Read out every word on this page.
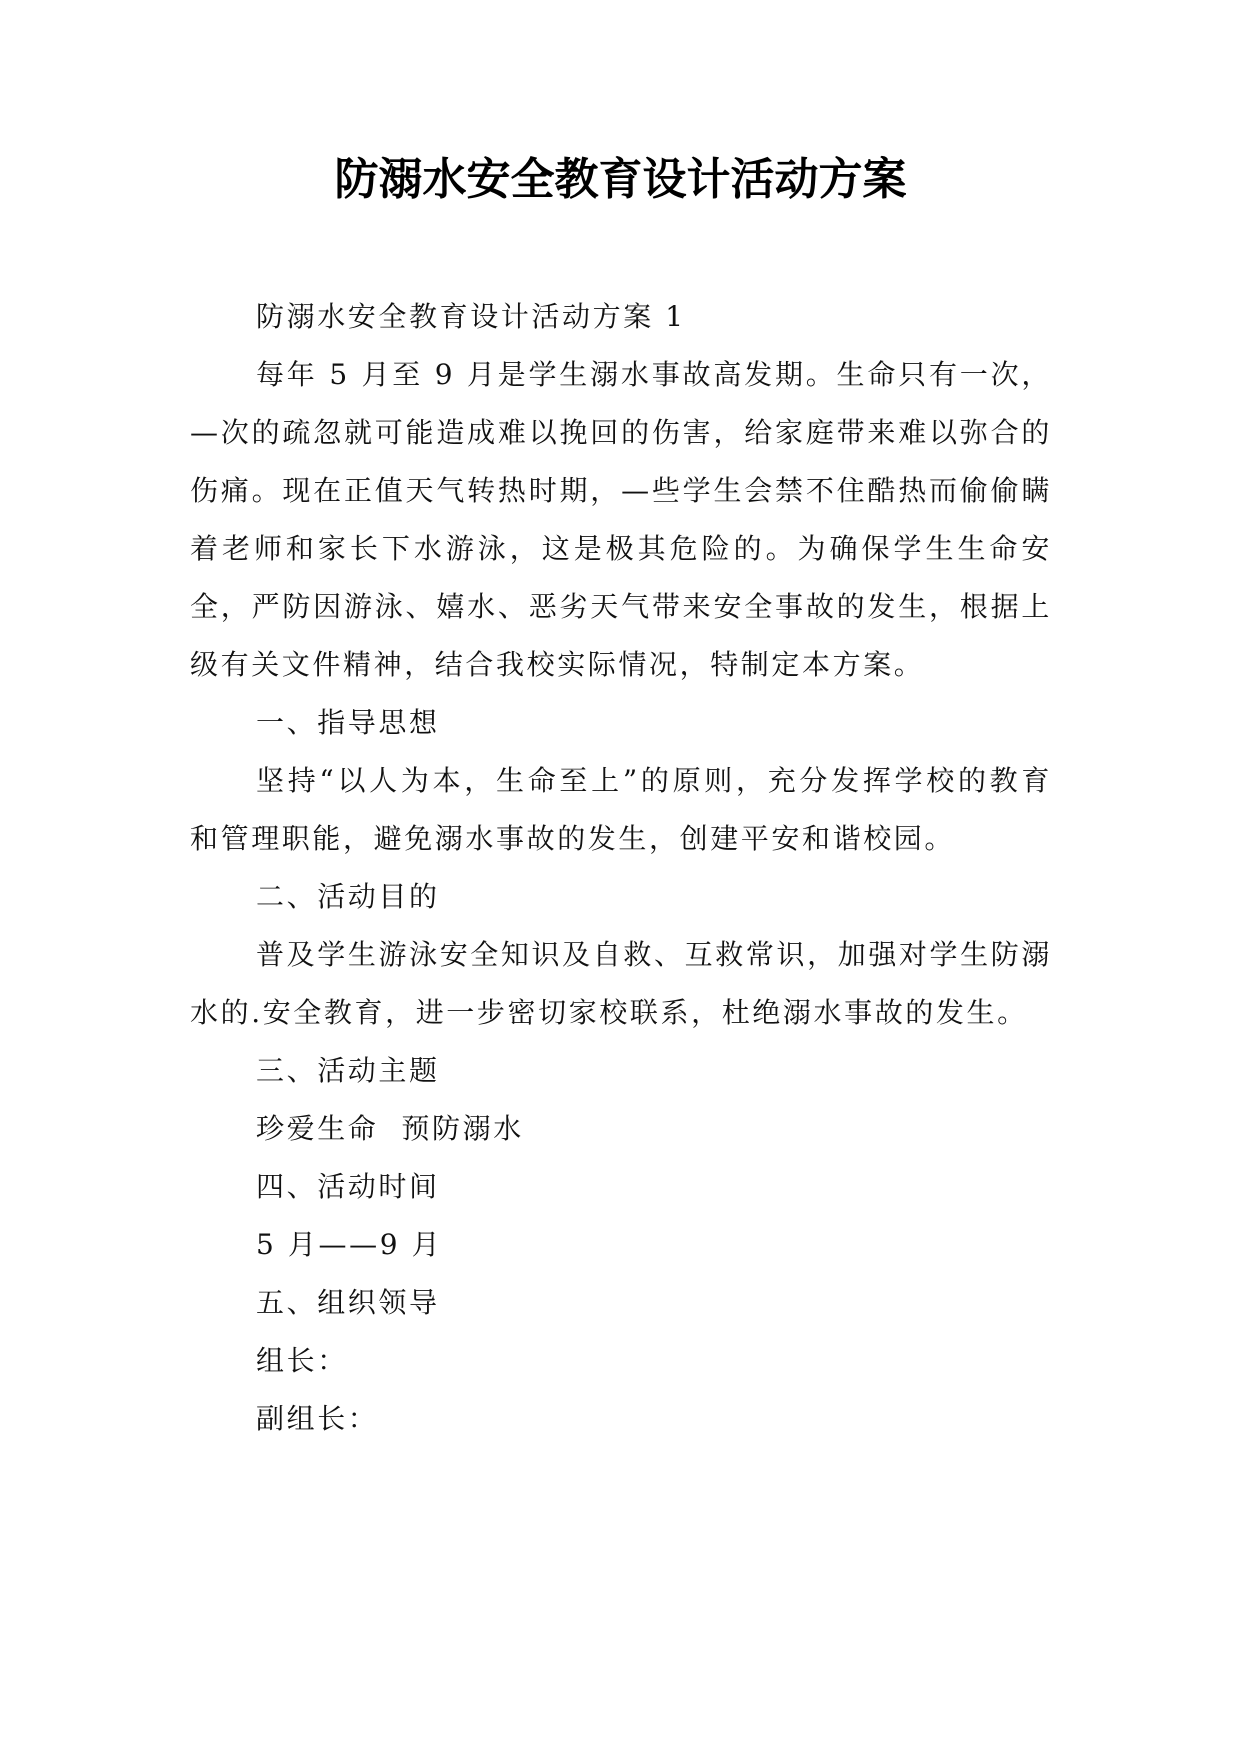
防溺水安全教育设计活动方案

防溺水安全教育设计活动方案 1

每年 5 月至 9 月是学生溺水事故高发期。生命只有一次，—次的疏忽就可能造成难以挽回的伤害，给家庭带来难以弥合的伤痛。现在正值天气转热时期，—些学生会禁不住酷热而偷偷瞒着老师和家长下水游泳，这是极其危险的。为确保学生生命安全，严防因游泳、嬉水、恶劣天气带来安全事故的发生，根据上级有关文件精神，结合我校实际情况，特制定本方案。

一、指导思想

坚持“以人为本，生命至上”的原则，充分发挥学校的教育和管理职能，避免溺水事故的发生，创建平安和谐校园。

二、活动目的

普及学生游泳安全知识及自救、互救常识，加强对学生防溺水的.安全教育，进一步密切家校联系，杜绝溺水事故的发生。

三、活动主题

珍爱生命  预防溺水

四、活动时间

5 月——9 月

五、组织领导

组长：

副组长：
